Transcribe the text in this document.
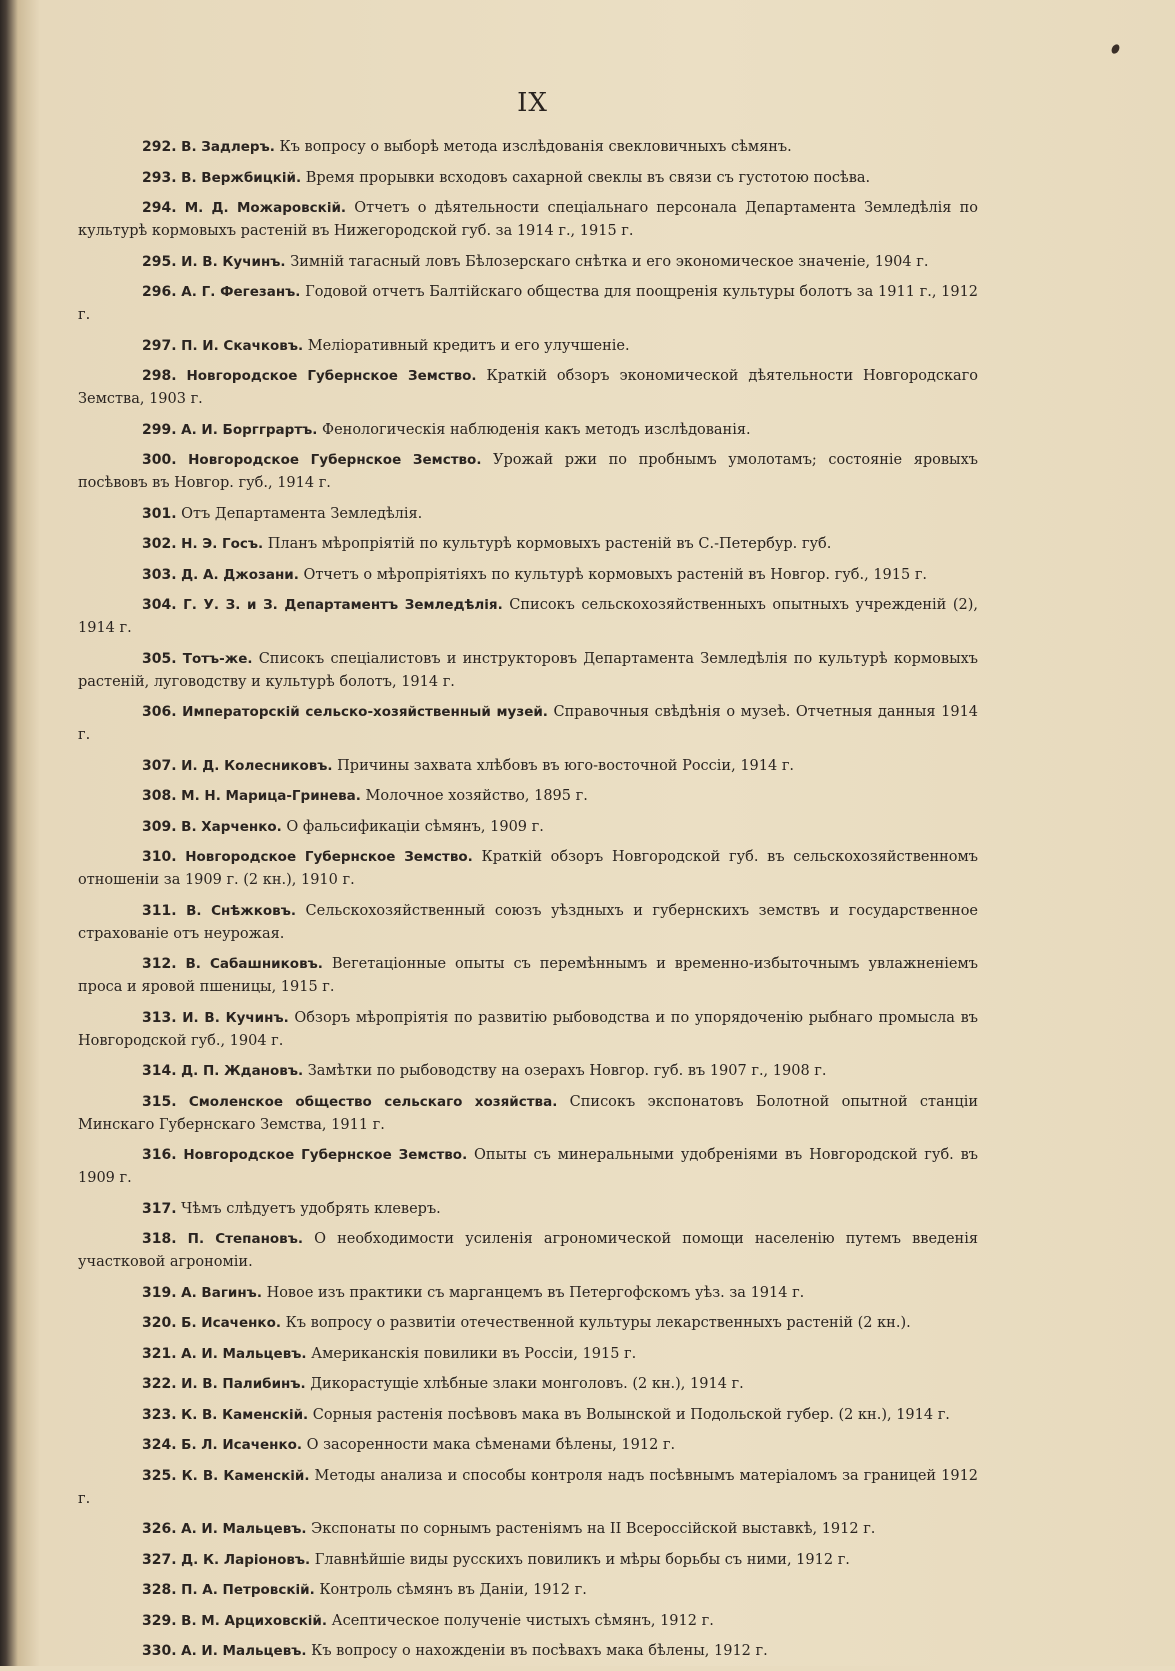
IX
292. В. Задлеръ. Къ вопросу о выборѣ метода изслѣдованія свекловичныхъ сѣмянъ.
293. В. Вержбицкій. Время прорывки всходовъ сахарной свеклы въ связи съ густотою посѣва.
294. М. Д. Можаровскій. Отчетъ о дѣятельности спеціальнаго персонала Департамента Земледѣлія по культурѣ кормовыхъ растеній въ Нижегородской губ. за 1914 г., 1915 г.
295. И. В. Кучинъ. Зимній тагасный ловъ Бѣлозерскаго снѣтка и его экономическое значеніе, 1904 г.
296. А. Г. Фегезанъ. Годовой отчетъ Балтійскаго общества для поощренія культуры болотъ за 1911 г., 1912 г.
297. П. И. Скачковъ. Меліоративный кредитъ и его улучшеніе.
298. Новгородское Губернское Земство. Краткій обзоръ экономической дѣятельности Новгородскаго Земства, 1903 г.
299. А. И. Боргграртъ. Фенологическія наблюденія какъ методъ изслѣдованія.
300. Новгородское Губернское Земство. Урожай ржи по пробнымъ умолотамъ; состояніе яровыхъ посѣвовъ въ Новгор. губ., 1914 г.
301. Отъ Департамента Земледѣлія.
302. Н. Э. Госъ. Планъ мѣропріятій по культурѣ кормовыхъ растеній въ С.-Петербур. губ.
303. Д. А. Джозани. Отчетъ о мѣропріятіяхъ по культурѣ кормовыхъ растеній въ Новгор. губ., 1915 г.
304. Г. У. З. и З. Департаментъ Земледѣлія. Списокъ сельскохозяйственныхъ опытныхъ учрежденій (2), 1914 г.
305. Тотъ-же. Списокъ спеціалистовъ и инструкторовъ Департамента Земледѣлія по культурѣ кормовыхъ растеній, луговодству и культурѣ болотъ, 1914 г.
306. Императорскій сельско-хозяйственный музей. Справочныя свѣдѣнія о музеѣ. Отчетныя данныя 1914 г.
307. И. Д. Колесниковъ. Причины захвата хлѣбовъ въ юго-восточной Россіи, 1914 г.
308. М. Н. Марица-Гринева. Молочное хозяйство, 1895 г.
309. В. Харченко. О фальсификаціи сѣмянъ, 1909 г.
310. Новгородское Губернское Земство. Краткій обзоръ Новгородской губ. въ сельскохозяйственномъ отношеніи за 1909 г. (2 кн.), 1910 г.
311. В. Снѣжковъ. Сельскохозяйственный союзъ уѣздныхъ и губернскихъ земствъ и государственное страхованіе отъ неурожая.
312. В. Сабашниковъ. Вегетаціонные опыты съ перемѣннымъ и временно-избыточнымъ увлажненіемъ проса и яровой пшеницы, 1915 г.
313. И. В. Кучинъ. Обзоръ мѣропріятія по развитію рыбоводства и по упорядоченію рыбнаго промысла въ Новгородской губ., 1904 г.
314. Д. П. Ждановъ. Замѣтки по рыбоводству на озерахъ Новгор. губ. въ 1907 г., 1908 г.
315. Смоленское общество сельскаго хозяйства. Списокъ экспонатовъ Болотной опытной станціи Минскаго Губернскаго Земства, 1911 г.
316. Новгородское Губернское Земство. Опыты съ минеральными удобреніями въ Новгородской губ. въ 1909 г.
317. Чѣмъ слѣдуетъ удобрять клеверъ.
318. П. Степановъ. О необходимости усиленія агрономической помощи населенію путемъ введенія участковой агрономіи.
319. А. Вагинъ. Новое изъ практики съ марганцемъ въ Петергофскомъ уѣз. за 1914 г.
320. Б. Исаченко. Къ вопросу о развитіи отечественной культуры лекарственныхъ растеній (2 кн.).
321. А. И. Мальцевъ. Американскія повилики въ Россіи, 1915 г.
322. И. В. Палибинъ. Дикорастущіе хлѣбные злаки монголовъ. (2 кн.), 1914 г.
323. К. В. Каменскій. Сорныя растенія посѣвовъ мака въ Волынской и Подольской губер. (2 кн.), 1914 г.
324. Б. Л. Исаченко. О засоренности мака сѣменами бѣлены, 1912 г.
325. К. В. Каменскій. Методы анализа и способы контроля надъ посѣвнымъ матеріаломъ за границей 1912 г.
326. А. И. Мальцевъ. Экспонаты по сорнымъ растеніямъ на II Всероссійской выставкѣ, 1912 г.
327. Д. К. Ларіоновъ. Главнѣйшіе виды русскихъ повиликъ и мѣры борьбы съ ними, 1912 г.
328. П. А. Петровскій. Контроль сѣмянъ въ Даніи, 1912 г.
329. В. М. Арциховскій. Асептическое полученіе чистыхъ сѣмянъ, 1912 г.
330. А. И. Мальцевъ. Къ вопросу о нахожденіи въ посѣвахъ мака бѣлены, 1912 г.
